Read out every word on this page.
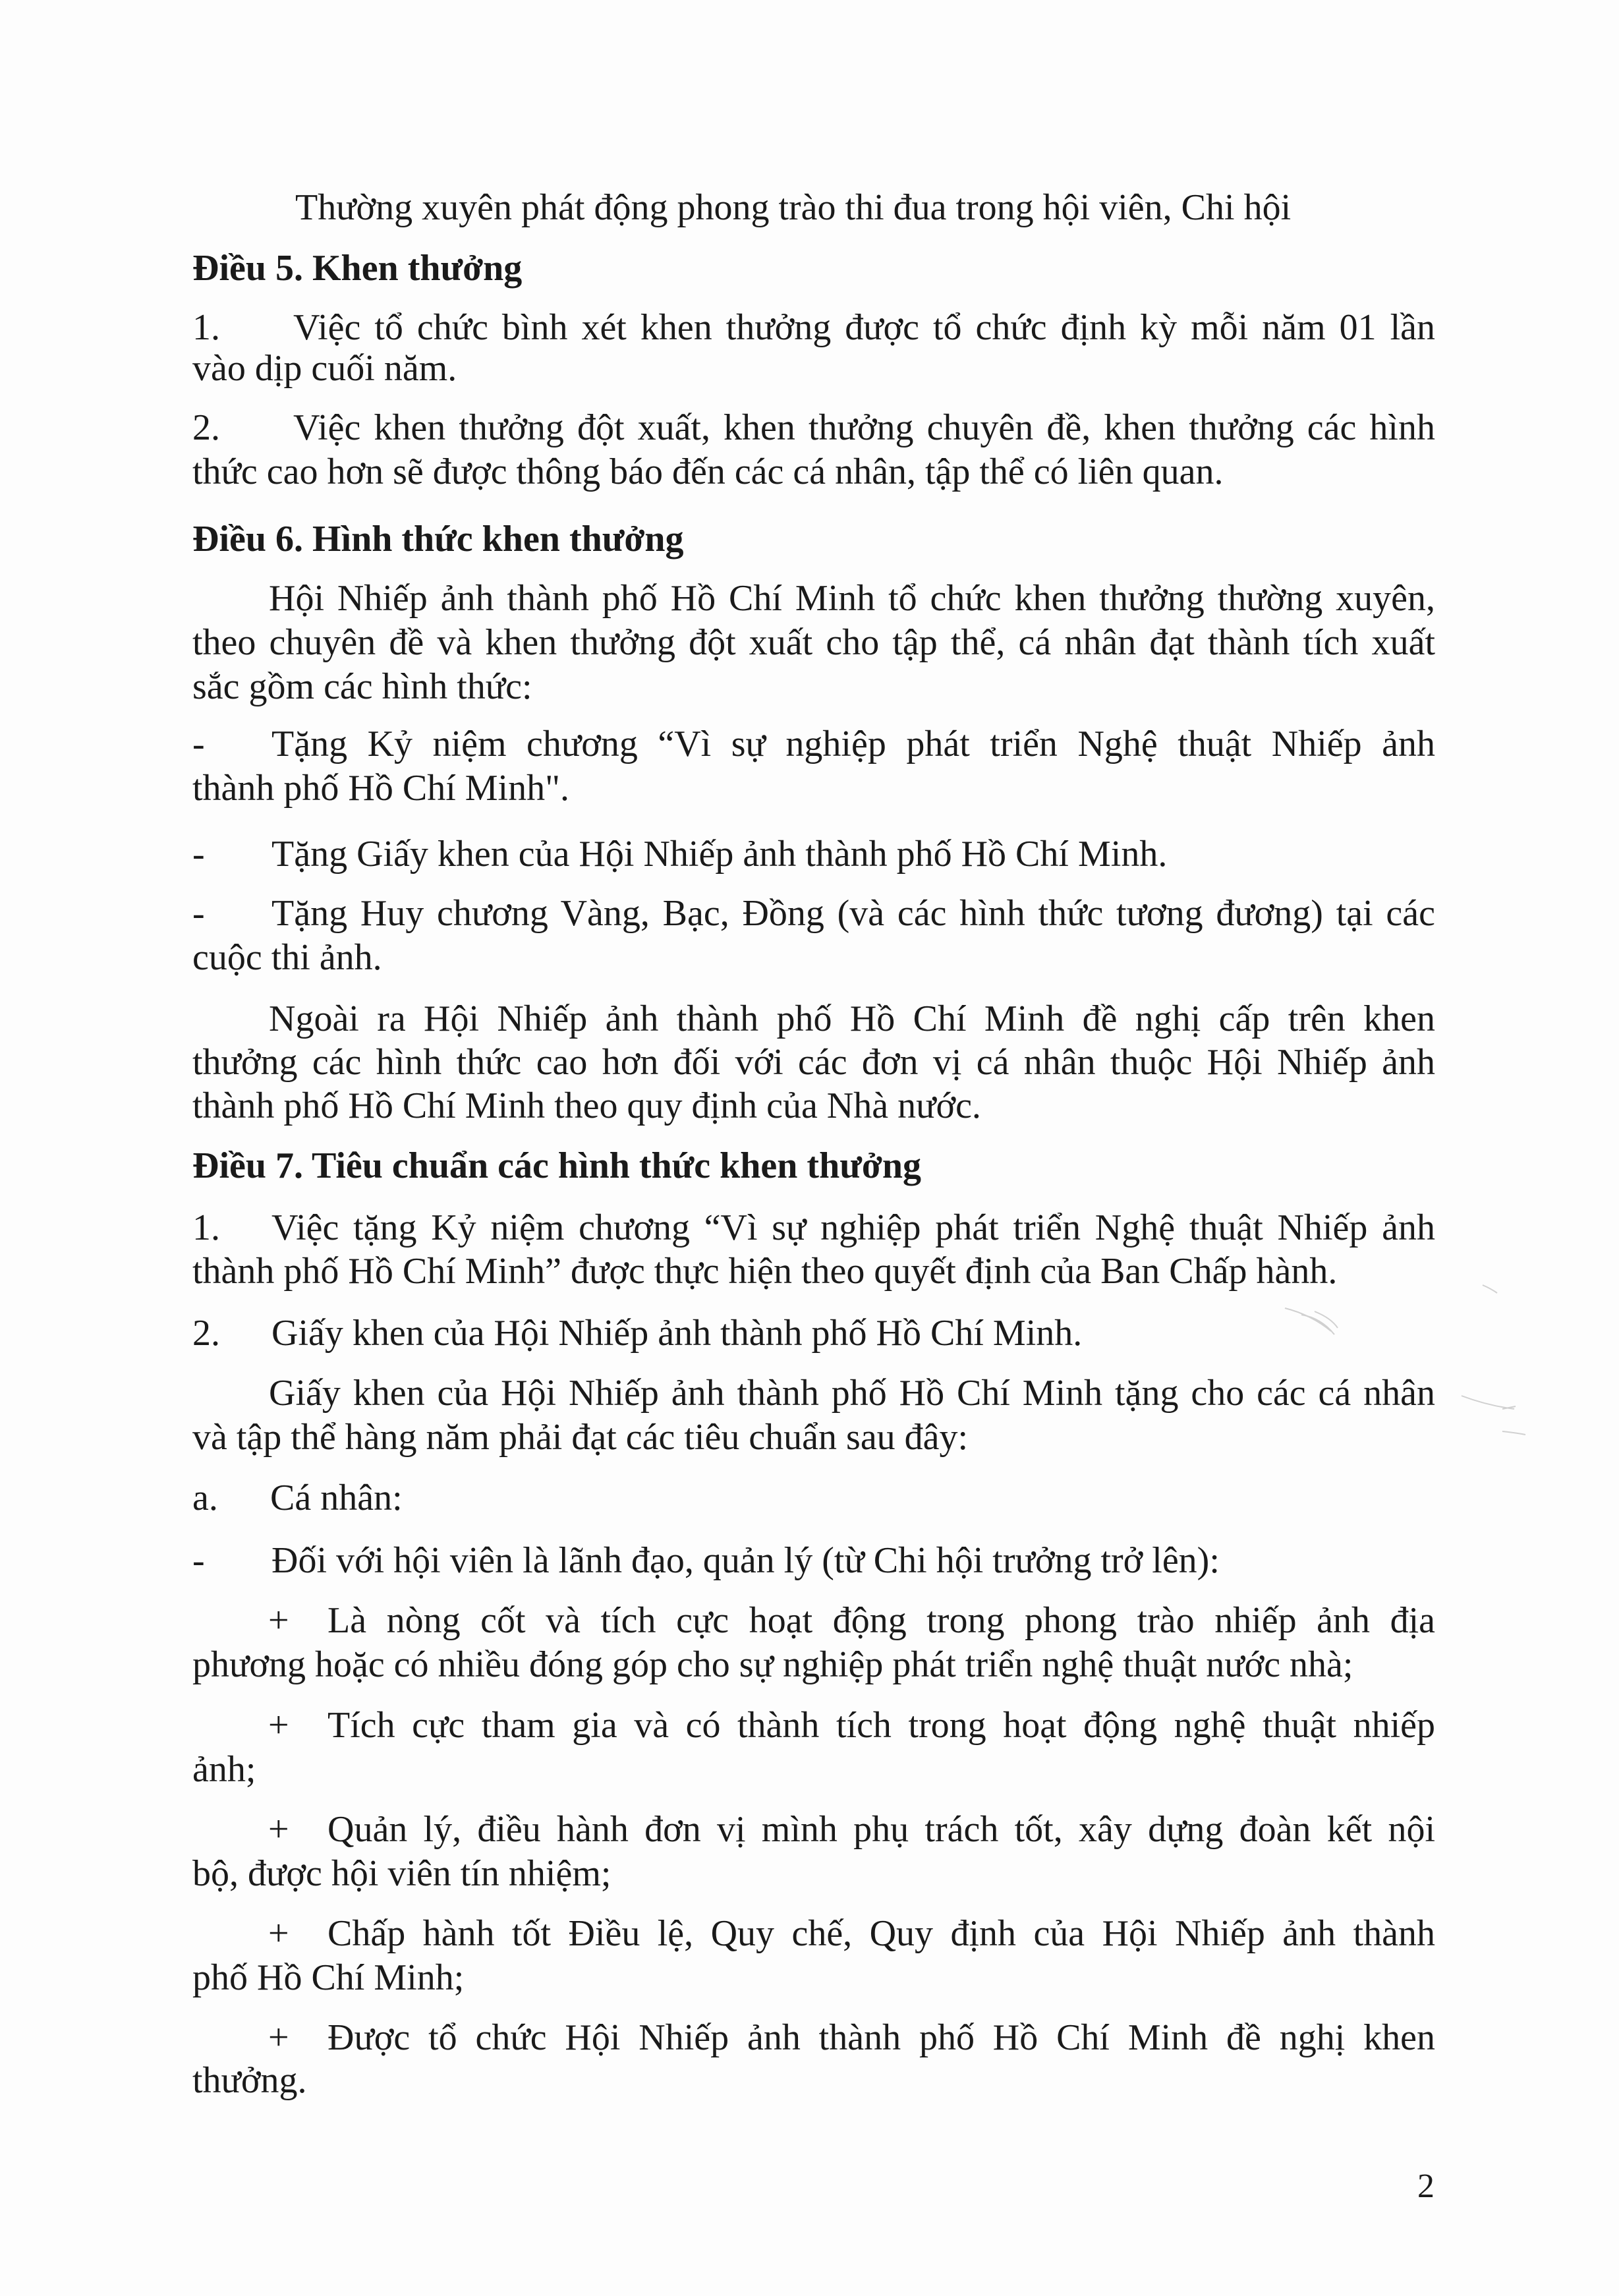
Thường xuyên phát động phong trào thi đua trong hội viên, Chi hội
Điều 5. Khen thưởng
1. Việc tổ chức bình xét khen thưởng được tổ chức định kỳ mỗi năm 01 lần
vào dịp cuối năm.
2. Việc khen thưởng đột xuất, khen thưởng chuyên đề, khen thưởng các hình
thức cao hơn sẽ được thông báo đến các cá nhân, tập thể có liên quan.
Điều 6. Hình thức khen thưởng
Hội Nhiếp ảnh thành phố Hồ Chí Minh tổ chức khen thưởng thường xuyên,
theo chuyên đề và khen thưởng đột xuất cho tập thể, cá nhân đạt thành tích xuất
sắc gồm các hình thức:
- Tặng Kỷ niệm chương “Vì sự nghiệp phát triển Nghệ thuật Nhiếp ảnh
thành phố Hồ Chí Minh".
- Tặng Giấy khen của Hội Nhiếp ảnh thành phố Hồ Chí Minh.
- Tặng Huy chương Vàng, Bạc, Đồng (và các hình thức tương đương) tại các
cuộc thi ảnh.
Ngoài ra Hội Nhiếp ảnh thành phố Hồ Chí Minh đề nghị cấp trên khen
thưởng các hình thức cao hơn đối với các đơn vị cá nhân thuộc Hội Nhiếp ảnh
thành phố Hồ Chí Minh theo quy định của Nhà nước.
Điều 7. Tiêu chuẩn các hình thức khen thưởng
1. Việc tặng Kỷ niệm chương “Vì sự nghiệp phát triển Nghệ thuật Nhiếp ảnh
thành phố Hồ Chí Minh” được thực hiện theo quyết định của Ban Chấp hành.
2. Giấy khen của Hội Nhiếp ảnh thành phố Hồ Chí Minh.
Giấy khen của Hội Nhiếp ảnh thành phố Hồ Chí Minh tặng cho các cá nhân
và tập thể hàng năm phải đạt các tiêu chuẩn sau đây:
a. Cá nhân:
- Đối với hội viên là lãnh đạo, quản lý (từ Chi hội trưởng trở lên):
+ Là nòng cốt và tích cực hoạt động trong phong trào nhiếp ảnh địa
phương hoặc có nhiều đóng góp cho sự nghiệp phát triển nghệ thuật nước nhà;
+ Tích cực tham gia và có thành tích trong hoạt động nghệ thuật nhiếp
ảnh;
+ Quản lý, điều hành đơn vị mình phụ trách tốt, xây dựng đoàn kết nội
bộ, được hội viên tín nhiệm;
+ Chấp hành tốt Điều lệ, Quy chế, Quy định của Hội Nhiếp ảnh thành
phố Hồ Chí Minh;
+ Được tổ chức Hội Nhiếp ảnh thành phố Hồ Chí Minh đề nghị khen
thưởng.
2
